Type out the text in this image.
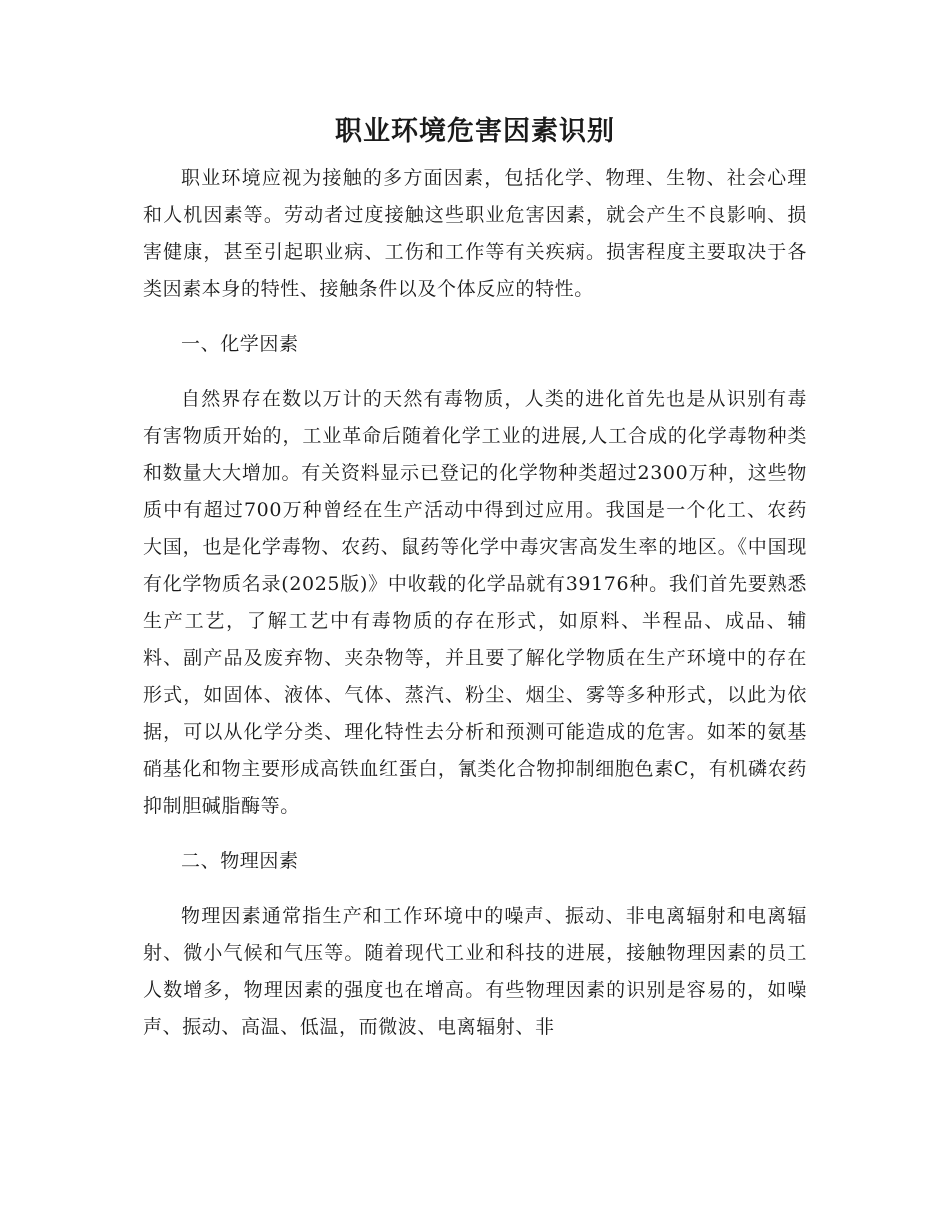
职业环境危害因素识别

职业环境应视为接触的多方面因素，包括化学、物理、生物、社会心理和人机因素等。劳动者过度接触这些职业危害因素，就会产生不良影响、损害健康，甚至引起职业病、工伤和工作等有关疾病。损害程度主要取决于各类因素本身的特性、接触条件以及个体反应的特性。

一、化学因素

自然界存在数以万计的天然有毒物质，人类的进化首先也是从识别有毒有害物质开始的，工业革命后随着化学工业的进展,人工合成的化学毒物种类和数量大大增加。有关资料显示已登记的化学物种类超过2300万种，这些物质中有超过700万种曾经在生产活动中得到过应用。我国是一个化工、农药大国，也是化学毒物、农药、鼠药等化学中毒灾害高发生率的地区。《中国现有化学物质名录(2025版)》中收载的化学品就有39176种。我们首先要熟悉生产工艺，了解工艺中有毒物质的存在形式，如原料、半程品、成品、辅料、副产品及废弃物、夹杂物等，并且要了解化学物质在生产环境中的存在形式，如固体、液体、气体、蒸汽、粉尘、烟尘、雾等多种形式，以此为依据，可以从化学分类、理化特性去分析和预测可能造成的危害。如苯的氨基硝基化和物主要形成高铁血红蛋白，氰类化合物抑制细胞色素C，有机磷农药抑制胆碱脂酶等。

二、物理因素

物理因素通常指生产和工作环境中的噪声、振动、非电离辐射和电离辐射、微小气候和气压等。随着现代工业和科技的进展，接触物理因素的员工人数增多，物理因素的强度也在增高。有些物理因素的识别是容易的，如噪声、振动、高温、低温，而微波、电离辐射、非
